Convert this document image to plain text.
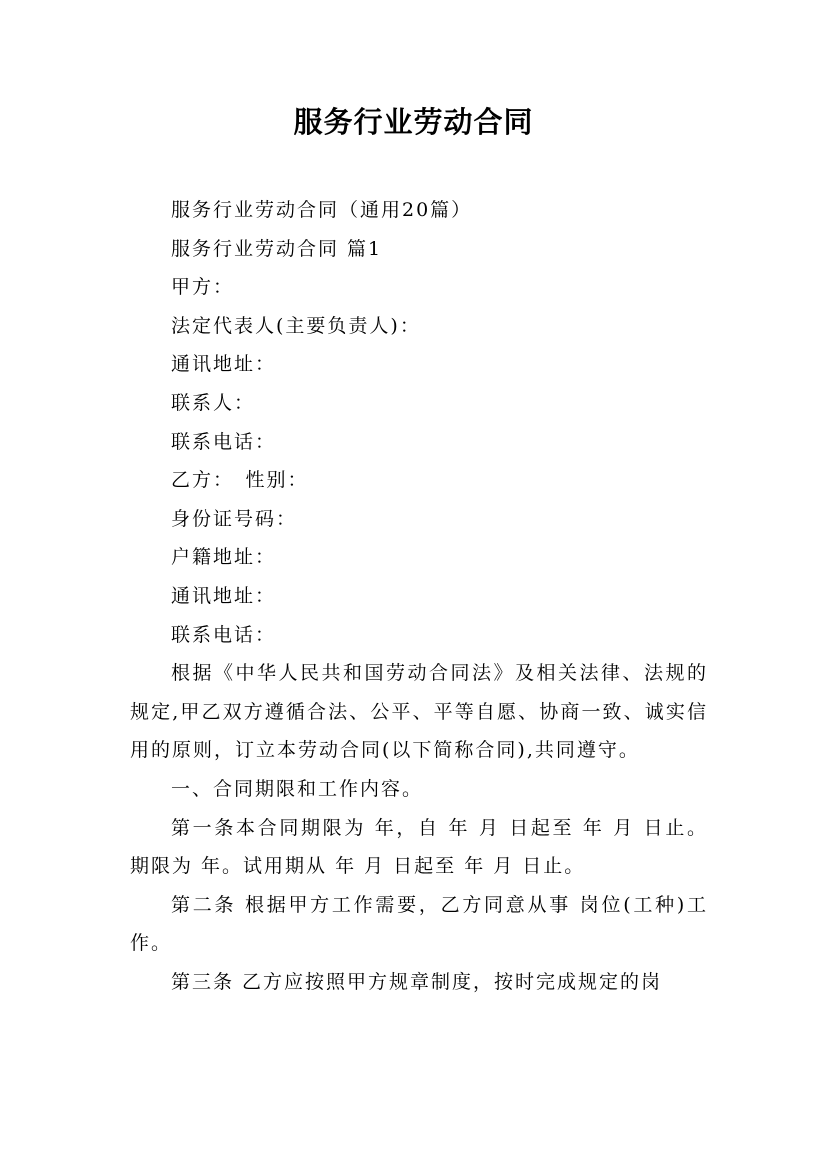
服务行业劳动合同

服务行业劳动合同（通用20篇）

服务行业劳动合同 篇1

甲方：

法定代表人(主要负责人)：

通讯地址：

联系人：

联系电话：

乙方：　性别：

身份证号码：

户籍地址：

通讯地址：

联系电话：

根据《中华人民共和国劳动合同法》及相关法律、法规的规定,甲乙双方遵循合法、公平、平等自愿、协商一致、诚实信用的原则，订立本劳动合同(以下简称合同),共同遵守。

一、合同期限和工作内容。

第一条本合同期限为 年，自 年 月 日起至 年 月 日止。期限为 年。试用期从 年 月 日起至 年 月 日止。

第二条 根据甲方工作需要，乙方同意从事 岗位(工种)工作。

第三条 乙方应按照甲方规章制度，按时完成规定的岗
